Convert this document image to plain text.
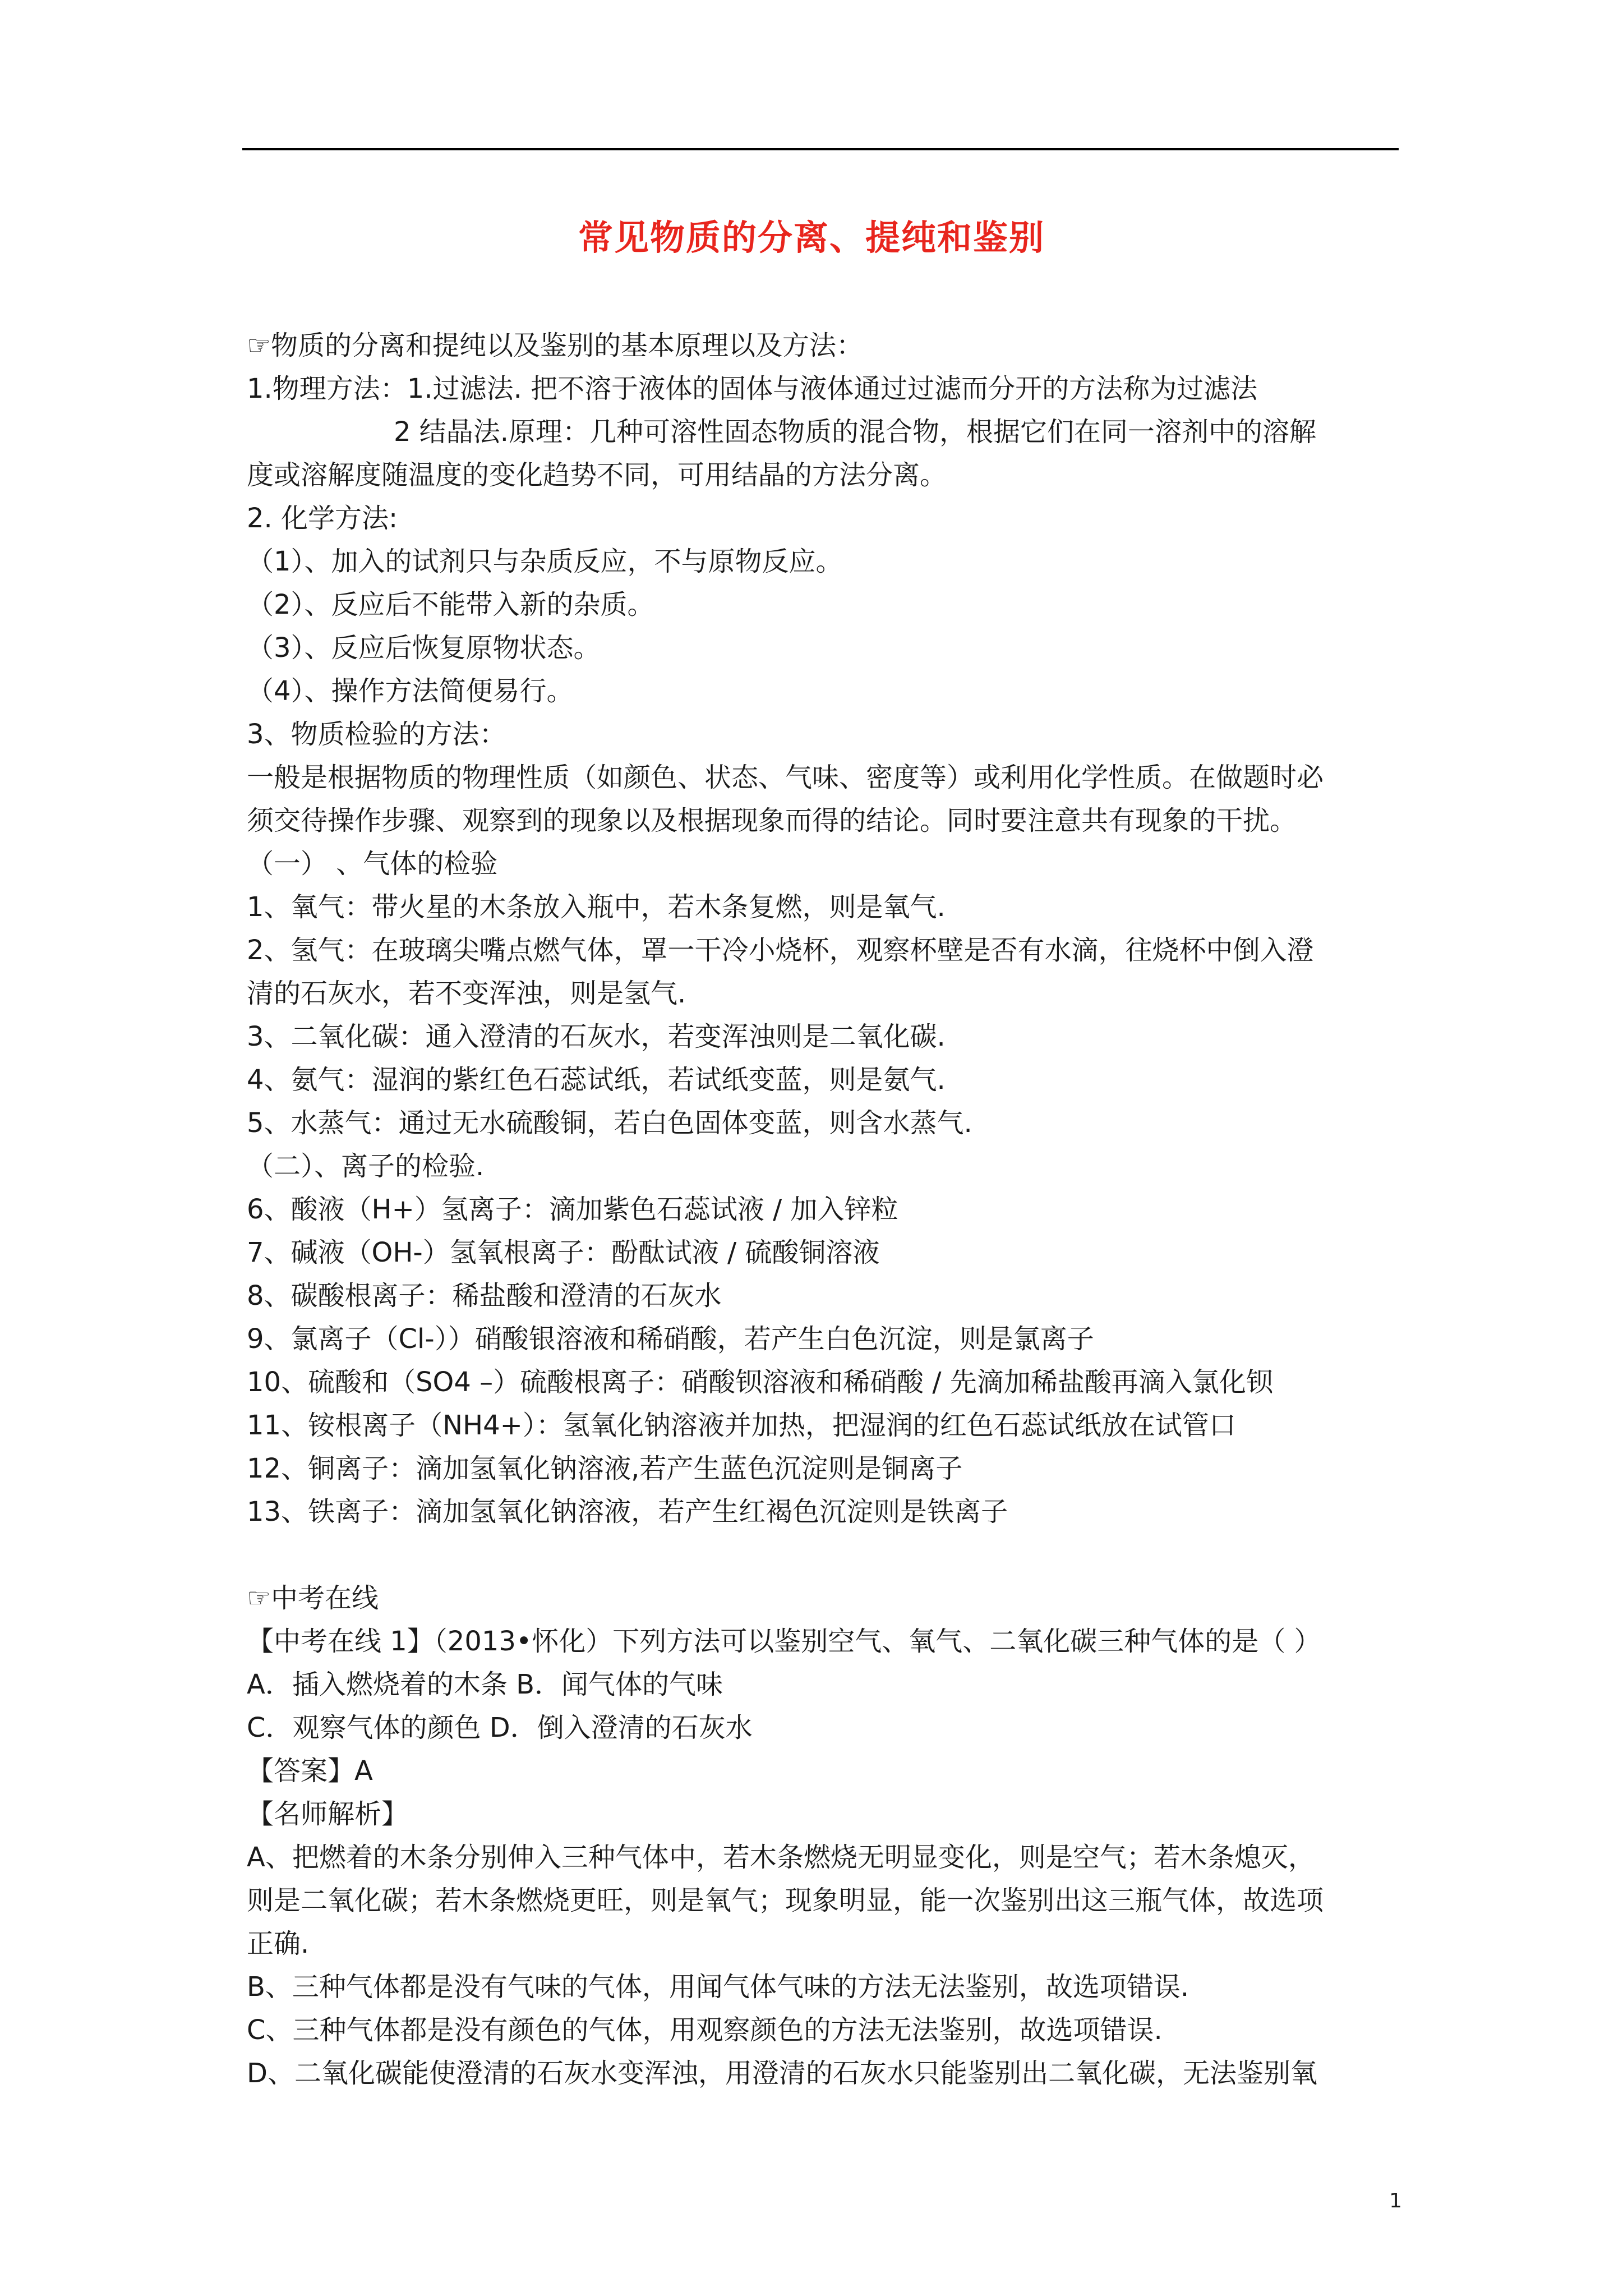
常见物质的分离、提纯和鉴别
☞物质的分离和提纯以及鉴别的基本原理以及方法：
1.物理方法：1.过滤法. 把不溶于液体的固体与液体通过过滤而分开的方法称为过滤法
2 结晶法.原理：几种可溶性固态物质的混合物，根据它们在同一溶剂中的溶解
度或溶解度随温度的变化趋势不同，可用结晶的方法分离。
2. 化学方法:
（1）、加入的试剂只与杂质反应，不与原物反应。
（2）、反应后不能带入新的杂质。
（3）、反应后恢复原物状态。
（4）、操作方法简便易行。
3、物质检验的方法：
一般是根据物质的物理性质（如颜色、状态、气味、密度等）或利用化学性质。在做题时必
须交待操作步骤、观察到的现象以及根据现象而得的结论。同时要注意共有现象的干扰。
（一） 、气体的检验
1、氧气：带火星的木条放入瓶中，若木条复燃，则是氧气.
2、氢气：在玻璃尖嘴点燃气体，罩一干冷小烧杯，观察杯壁是否有水滴，往烧杯中倒入澄
清的石灰水，若不变浑浊，则是氢气.
3、二氧化碳：通入澄清的石灰水，若变浑浊则是二氧化碳.
4、氨气：湿润的紫红色石蕊试纸，若试纸变蓝，则是氨气.
5、水蒸气：通过无水硫酸铜，若白色固体变蓝，则含水蒸气.
（二）、离子的检验.
6、酸液（H+）氢离子：滴加紫色石蕊试液 / 加入锌粒
7、碱液（OH-）氢氧根离子：酚酞试液 / 硫酸铜溶液
8、碳酸根离子：稀盐酸和澄清的石灰水
9、氯离子（Cl-））硝酸银溶液和稀硝酸，若产生白色沉淀，则是氯离子
10、硫酸和（SO4 –）硫酸根离子：硝酸钡溶液和稀硝酸 / 先滴加稀盐酸再滴入氯化钡
11、铵根离子（NH4+）：氢氧化钠溶液并加热，把湿润的红色石蕊试纸放在试管口
12、铜离子：滴加氢氧化钠溶液,若产生蓝色沉淀则是铜离子
13、铁离子：滴加氢氧化钠溶液，若产生红褐色沉淀则是铁离子
☞中考在线
【中考在线 1】（2013•怀化）下列方法可以鉴别空气、氧气、二氧化碳三种气体的是（ ）
A．插入燃烧着的木条 B．闻气体的气味
C．观察气体的颜色 D．倒入澄清的石灰水
【答案】A
【名师解析】
A、把燃着的木条分别伸入三种气体中，若木条燃烧无明显变化，则是空气；若木条熄灭，
则是二氧化碳；若木条燃烧更旺，则是氧气；现象明显，能一次鉴别出这三瓶气体，故选项
正确.
B、三种气体都是没有气味的气体，用闻气体气味的方法无法鉴别，故选项错误.
C、三种气体都是没有颜色的气体，用观察颜色的方法无法鉴别，故选项错误.
D、二氧化碳能使澄清的石灰水变浑浊，用澄清的石灰水只能鉴别出二氧化碳，无法鉴别氧
1
